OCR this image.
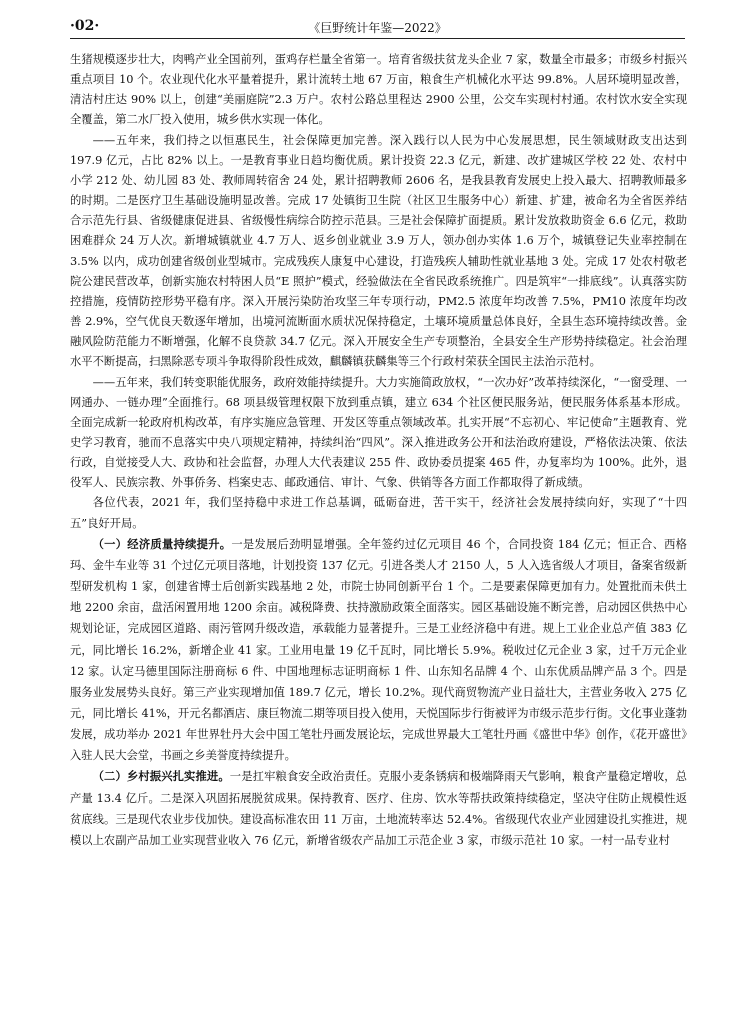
·02·	《巨野统计年鉴—2022》

生猪规模逐步壮大，肉鸭产业全国前列，蛋鸡存栏量全省第一。培育省级扶贫龙头企业 7 家，数量全市最多；市级乡村振兴重点项目 10 个。农业现代化水平量着提升，累计流转土地 67 万亩，粮食生产机械化水平达 99.8%。人居环境明显改善，清洁村庄达 90% 以上，创建“美丽庭院”2.3 万户。农村公路总里程达 2900 公里，公交车实现村村通。农村饮水安全实现全覆盖，第二水厂投入使用，城乡供水实现一体化。

——五年来，我们持之以恒惠民生，社会保障更加完善。深入践行以人民为中心发展思想，民生领域财政支出达到 197.9 亿元，占比 82% 以上。一是教育事业日趋均衡优质。累计投资 22.3 亿元，新建、改扩建城区学校 22 处、农村中小学 212 处、幼儿园 83 处、教师周转宿舍 24 处，累计招聘教师 2606 名，是我县教育发展史上投入最大、招聘教师最多的时期。二是医疗卫生基础设施明显改善。完成 17 处镇街卫生院（社区卫生服务中心）新建、扩建，被命名为全省医养结合示范先行县、省级健康促进县、省级慢性病综合防控示范县。三是社会保障扩面提质。累计发放救助资金 6.6 亿元，救助困难群众 24 万人次。新增城镇就业 4.7 万人、返乡创业就业 3.9 万人，领办创办实体 1.6 万个，城镇登记失业率控制在 3.5% 以内，成功创建省级创业型城市。完成残疾人康复中心建设，打造残疾人辅助性就业基地 3 处。完成 17 处农村敬老院公建民营改革，创新实施农村特困人员“E 照护”模式，经验做法在全省民政系统推广。四是筑牢“一排底线”。认真落实防控措施，疫情防控形势平稳有序。深入开展污染防治攻坚三年专项行动，PM2.5 浓度年均改善 7.5%，PM10 浓度年均改善 2.9%，空气优良天数逐年增加，出境河流断面水质状况保持稳定，土壤环境质量总体良好，全县生态环境持续改善。金融风险防范能力不断增强，化解不良贷款 34.7 亿元。深入开展安全生产专项整治，全县安全生产形势持续稳定。社会治理水平不断提高，扫黑除恶专项斗争取得阶段性成效，麒麟镇获麟集等三个行政村荣获全国民主法治示范村。

——五年来，我们转变职能优服务，政府效能持续提升。大力实施简政放权，“一次办好”改革持续深化，“一窗受理、一网通办、一链办理”全面推行。68 项县级管理权限下放到重点镇，建立 634 个社区便民服务站，便民服务体系基本形成。全面完成新一轮政府机构改革，有序实施应急管理、开发区等重点领域改革。扎实开展“不忘初心、牢记使命”主题教育、党史学习教育，驰而不息落实中央八项规定精神，持续纠治“四风”。深入推进政务公开和法治政府建设，严格依法决策、依法行政，自觉接受人大、政协和社会监督，办理人大代表建议 255 件、政协委员提案 465 件，办复率均为 100%。此外，退役军人、民族宗教、外事侨务、档案史志、邮政通信、审计、气象、供销等各方面工作都取得了新成绩。

各位代表，2021 年，我们坚持稳中求进工作总基调，砥砺奋进，苦干实干，经济社会发展持续向好，实现了“十四五”良好开局。

（一）经济质量持续提升。一是发展后劲明显增强。全年签约过亿元项目 46 个，合同投资 184 亿元；恒正合、西格玛、金牛车业等 31 个过亿元项目落地，计划投资 137 亿元。引进各类人才 2150 人，5 人入选省级人才项目，备案省级新型研发机构 1 家，创建省博士后创新实践基地 2 处，市院士协同创新平台 1 个。二是要素保障更加有力。处置批而未供土地 2200 余亩，盘活闲置用地 1200 余亩。减税降费、扶持激励政策全面落实。园区基础设施不断完善，启动园区供热中心规划论证，完成园区道路、雨污管网升级改造，承载能力显著提升。三是工业经济稳中有进。规上工业企业总产值 383 亿元，同比增长 16.2%，新增企业 41 家。工业用电量 19 亿千瓦时，同比增长 5.9%。税收过亿元企业 3 家，过千万元企业 12 家。认定马德里国际注册商标 6 件、中国地理标志证明商标 1 件、山东知名品牌 4 个、山东优质品牌产品 3 个。四是服务业发展势头良好。第三产业实现增加值 189.7 亿元，增长 10.2%。现代商贸物流产业日益壮大，主营业务收入 275 亿元，同比增长 41%，开元名都酒店、康巨物流二期等项目投入使用，天悦国际步行街被评为市级示范步行街。文化事业蓬勃发展，成功举办 2021 年世界牡丹大会中国工笔牡丹画发展论坛，完成世界最大工笔牡丹画《盛世中华》创作，《花开盛世》入驻人民大会堂，书画之乡美誉度持续提升。

（二）乡村振兴扎实推进。一是扛牢粮食安全政治责任。克服小麦条锈病和极端降雨天气影响，粮食产量稳定增收，总产量 13.4 亿斤。二是深入巩固拓展脱贫成果。保持教育、医疗、住房、饮水等帮扶政策持续稳定，坚决守住防止规模性返贫底线。三是现代农业步伐加快。建设高标准农田 11 万亩，土地流转率达 52.4%。省级现代农业产业园建设扎实推进，规模以上农副产品加工业实现营业收入 76 亿元，新增省级农产品加工示范企业 3 家，市级示范社 10 家。一村一品专业村
